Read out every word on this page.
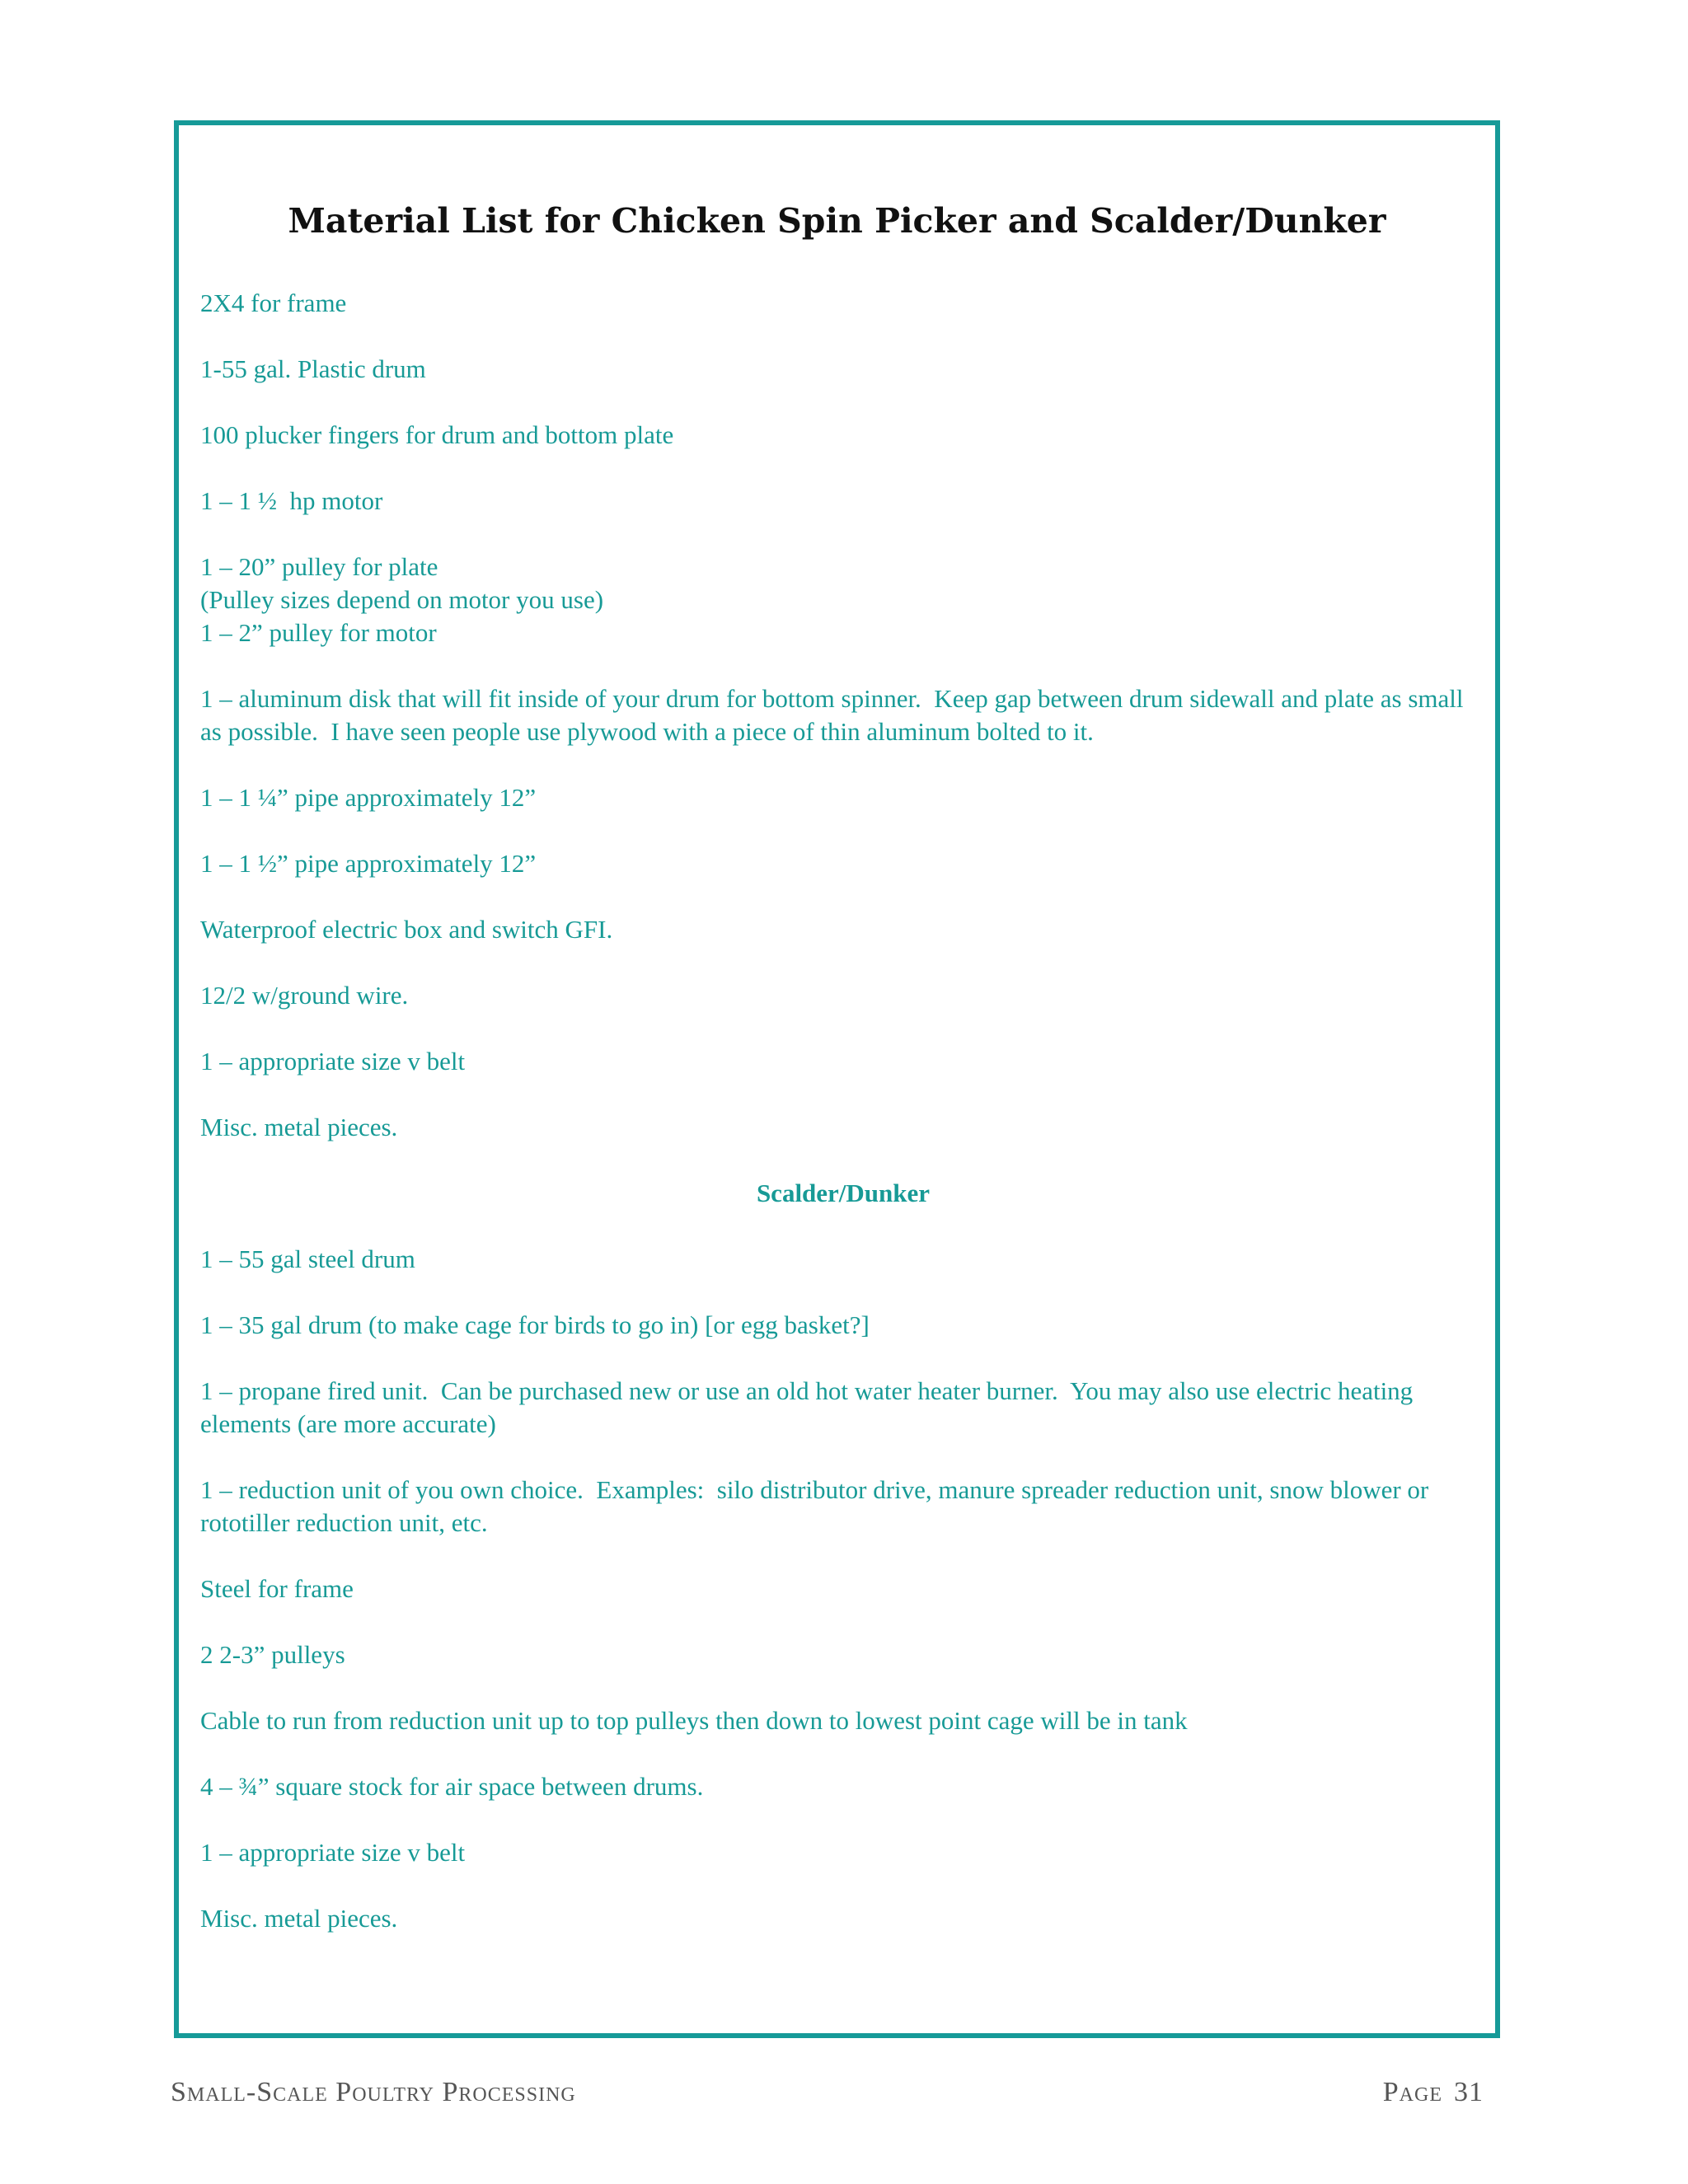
Material List for Chicken Spin Picker and Scalder/Dunker
2X4 for frame
1-55 gal. Plastic drum
100 plucker fingers for drum and bottom plate
1 – 1 ½  hp motor
1 – 20” pulley for plate
(Pulley sizes depend on motor you use)
1 – 2” pulley for motor
1 – aluminum disk that will fit inside of your drum for bottom spinner.  Keep gap between drum sidewall and plate as small as possible.  I have seen people use plywood with a piece of thin aluminum bolted to it.
1 – 1 ¼” pipe approximately 12”
1 – 1 ½” pipe approximately 12”
Waterproof electric box and switch GFI.
12/2 w/ground wire.
1 – appropriate size v belt
Misc. metal pieces.
Scalder/Dunker
1 – 55 gal steel drum
1 – 35 gal drum (to make cage for birds to go in) [or egg basket?]
1 – propane fired unit.  Can be purchased new or use an old hot water heater burner.  You may also use electric heating elements (are more accurate)
1 – reduction unit of you own choice.  Examples:  silo distributor drive, manure spreader reduction unit, snow blower or rototiller reduction unit, etc.
Steel for frame
2 2-3” pulleys
Cable to run from reduction unit up to top pulleys then down to lowest point cage will be in tank
4 – ¾” square stock for air space between drums.
1 – appropriate size v belt
Misc. metal pieces.
Small-Scale Poultry Processing	Page 31
